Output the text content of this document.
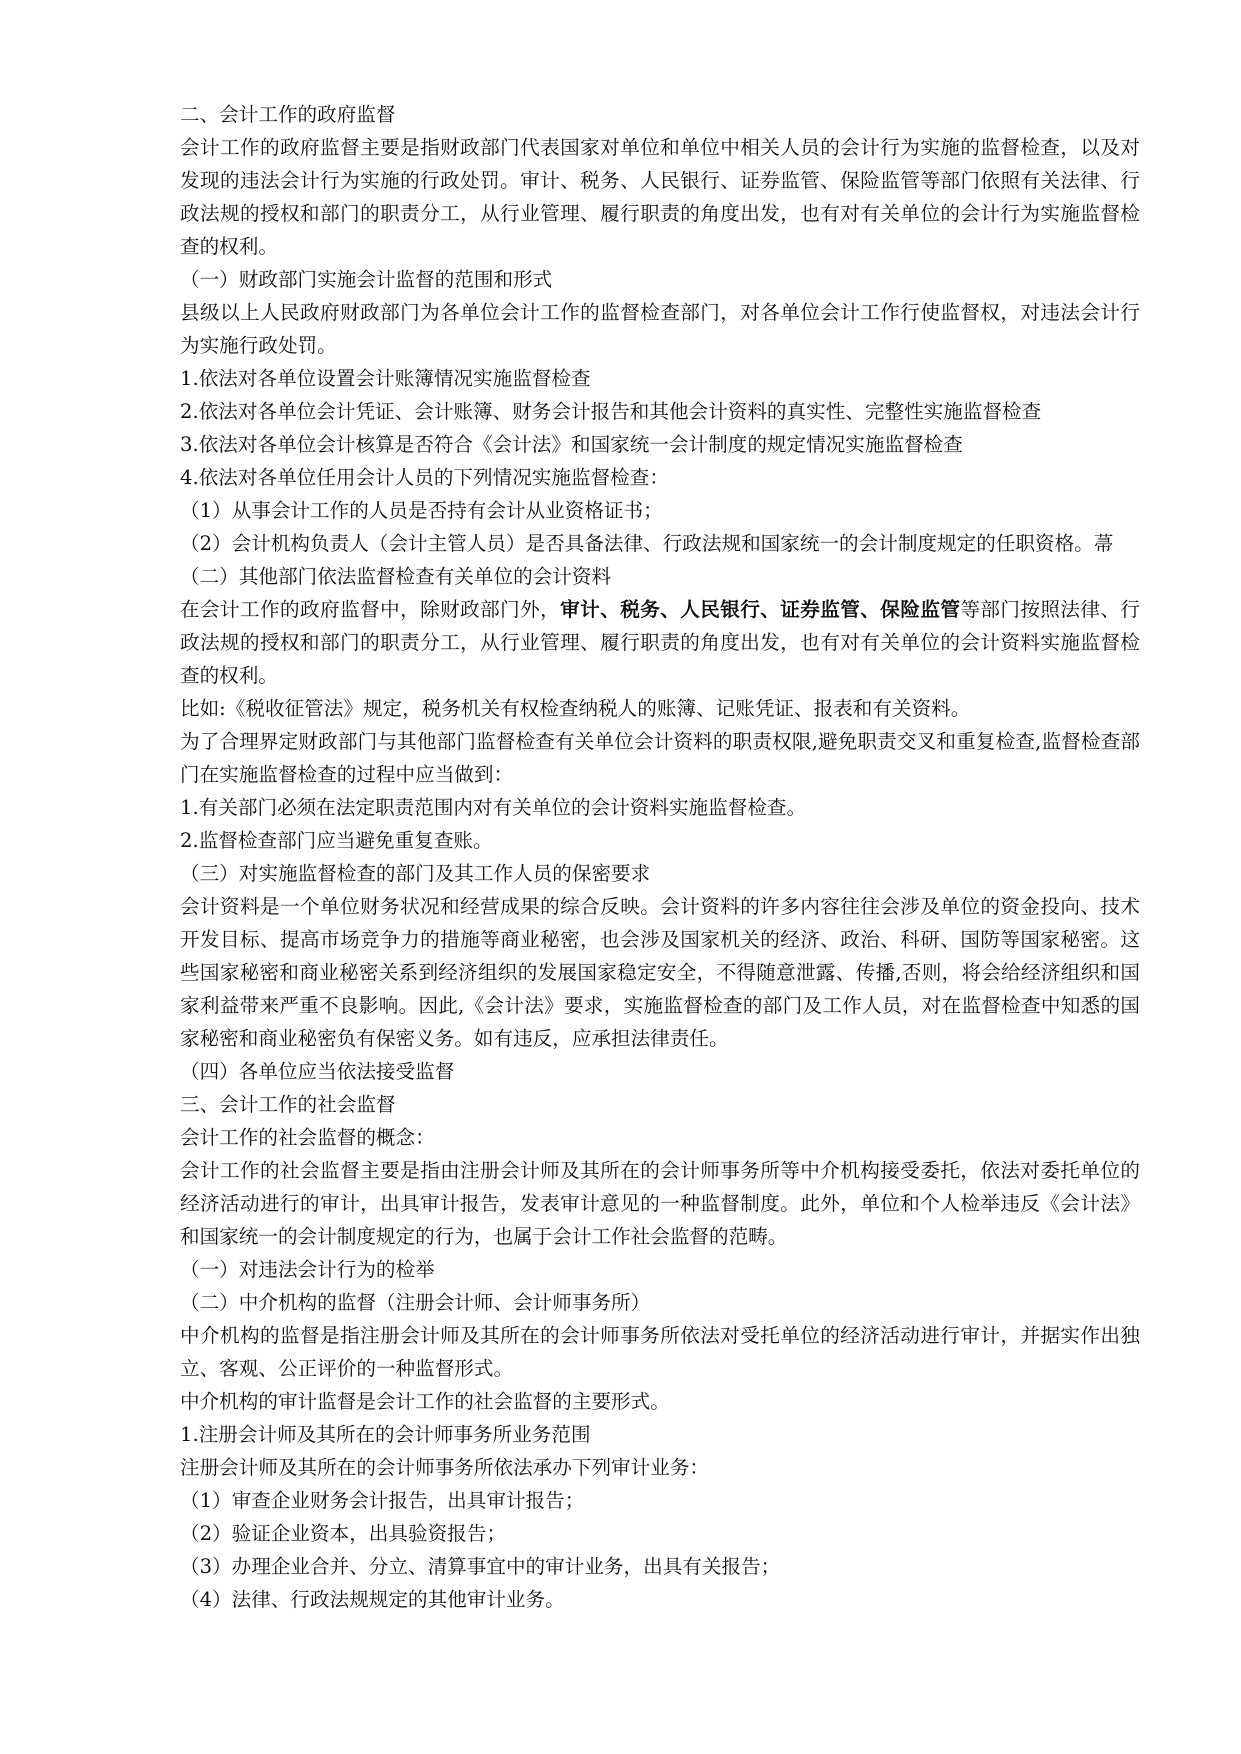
二、会计工作的政府监督

会计工作的政府监督主要是指财政部门代表国家对单位和单位中相关人员的会计行为实施的监督检查，以及对发现的违法会计行为实施的行政处罚。审计、税务、人民银行、证券监管、保险监管等部门依照有关法律、行政法规的授权和部门的职责分工，从行业管理、履行职责的角度出发，也有对有关单位的会计行为实施监督检查的权利。

（一）财政部门实施会计监督的范围和形式

县级以上人民政府财政部门为各单位会计工作的监督检查部门，对各单位会计工作行使监督权，对违法会计行为实施行政处罚。

1.依法对各单位设置会计账簿情况实施监督检查

2.依法对各单位会计凭证、会计账簿、财务会计报告和其他会计资料的真实性、完整性实施监督检查

3.依法对各单位会计核算是否符合《会计法》和国家统一会计制度的规定情况实施监督检查

4.依法对各单位任用会计人员的下列情况实施监督检查：

（1）从事会计工作的人员是否持有会计从业资格证书；

（2）会计机构负责人（会计主管人员）是否具备法律、行政法规和国家统一的会计制度规定的任职资格。菷

（二）其他部门依法监督检查有关单位的会计资料

在会计工作的政府监督中，除财政部门外，审计、税务、人民银行、证券监管、保险监管等部门按照法律、行政法规的授权和部门的职责分工，从行业管理、履行职责的角度出发，也有对有关单位的会计资料实施监督检查的权利。

比如:《税收征管法》规定，税务机关有权检查纳税人的账簿、记账凭证、报表和有关资料。

为了合理界定财政部门与其他部门监督检查有关单位会计资料的职责权限,避免职责交叉和重复检查,监督检查部门在实施监督检查的过程中应当做到：

1.有关部门必须在法定职责范围内对有关单位的会计资料实施监督检查。

2.监督检查部门应当避免重复查账。

（三）对实施监督检查的部门及其工作人员的保密要求

会计资料是一个单位财务状况和经营成果的综合反映。会计资料的许多内容往往会涉及单位的资金投向、技术开发目标、提高市场竞争力的措施等商业秘密，也会涉及国家机关的经济、政治、科研、国防等国家秘密。这些国家秘密和商业秘密关系到经济组织的发展国家稳定安全，不得随意泄露、传播,否则，将会给经济组织和国家利益带来严重不良影响。因此,《会计法》要求，实施监督检查的部门及工作人员，对在监督检查中知悉的国家秘密和商业秘密负有保密义务。如有违反，应承担法律责任。

（四）各单位应当依法接受监督

三、会计工作的社会监督

会计工作的社会监督的概念：

会计工作的社会监督主要是指由注册会计师及其所在的会计师事务所等中介机构接受委托，依法对委托单位的经济活动进行的审计，出具审计报告，发表审计意见的一种监督制度。此外，单位和个人检举违反《会计法》和国家统一的会计制度规定的行为，也属于会计工作社会监督的范畴。

（一）对违法会计行为的检举

（二）中介机构的监督（注册会计师、会计师事务所）

中介机构的监督是指注册会计师及其所在的会计师事务所依法对受托单位的经济活动进行审计，并据实作出独立、客观、公正评价的一种监督形式。

中介机构的审计监督是会计工作的社会监督的主要形式。

1.注册会计师及其所在的会计师事务所业务范围

注册会计师及其所在的会计师事务所依法承办下列审计业务：

（1）审查企业财务会计报告，出具审计报告；

（2）验证企业资本，出具验资报告；

（3）办理企业合并、分立、清算事宜中的审计业务，出具有关报告；

（4）法律、行政法规规定的其他审计业务。
